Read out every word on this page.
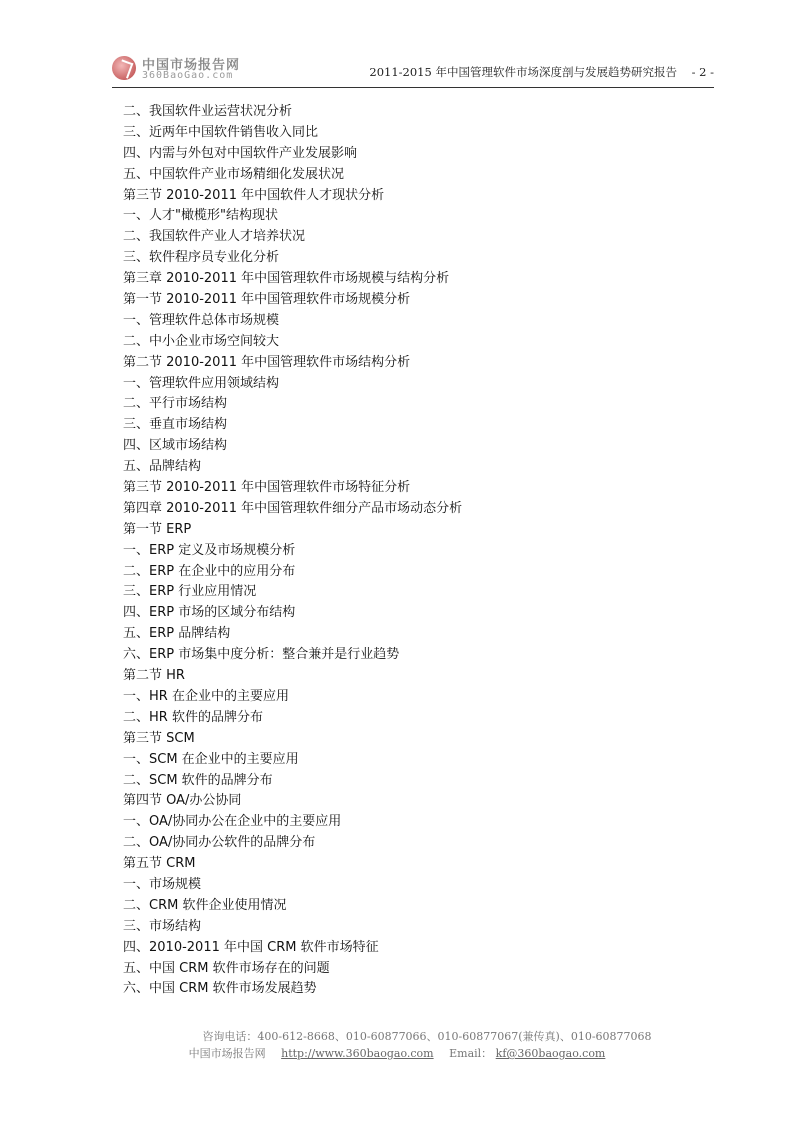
中国市场报告网
360BaoGao.com	2011-2015 年中国管理软件市场深度剖与发展趋势研究报告 - 2 -
二、我国软件业运营状况分析
三、近两年中国软件销售收入同比
四、内需与外包对中国软件产业发展影响
五、中国软件产业市场精细化发展状况
第三节 2010-2011 年中国软件人才现状分析
一、人才"橄榄形"结构现状
二、我国软件产业人才培养状况
三、软件程序员专业化分析
第三章 2010-2011 年中国管理软件市场规模与结构分析
第一节 2010-2011 年中国管理软件市场规模分析
一、管理软件总体市场规模
二、中小企业市场空间较大
第二节 2010-2011 年中国管理软件市场结构分析
一、管理软件应用领域结构
二、平行市场结构
三、垂直市场结构
四、区域市场结构
五、品牌结构
第三节 2010-2011 年中国管理软件市场特征分析
第四章 2010-2011 年中国管理软件细分产品市场动态分析
第一节 ERP
一、ERP 定义及市场规模分析
二、ERP 在企业中的应用分布
三、ERP 行业应用情况
四、ERP 市场的区域分布结构
五、ERP 品牌结构
六、ERP 市场集中度分析：整合兼并是行业趋势
第二节 HR
一、HR 在企业中的主要应用
二、HR 软件的品牌分布
第三节 SCM
一、SCM 在企业中的主要应用
二、SCM 软件的品牌分布
第四节 OA/办公协同
一、OA/协同办公在企业中的主要应用
二、OA/协同办公软件的品牌分布
第五节 CRM
一、市场规模
二、CRM 软件企业使用情况
三、市场结构
四、2010-2011 年中国 CRM 软件市场特征
五、中国 CRM 软件市场存在的问题
六、中国 CRM 软件市场发展趋势
咨询电话：400-612-8668、010-60877066、010-60877067(兼传真)、010-60877068
中国市场报告网 http://www.360baogao.com Email： kf@360baogao.com
